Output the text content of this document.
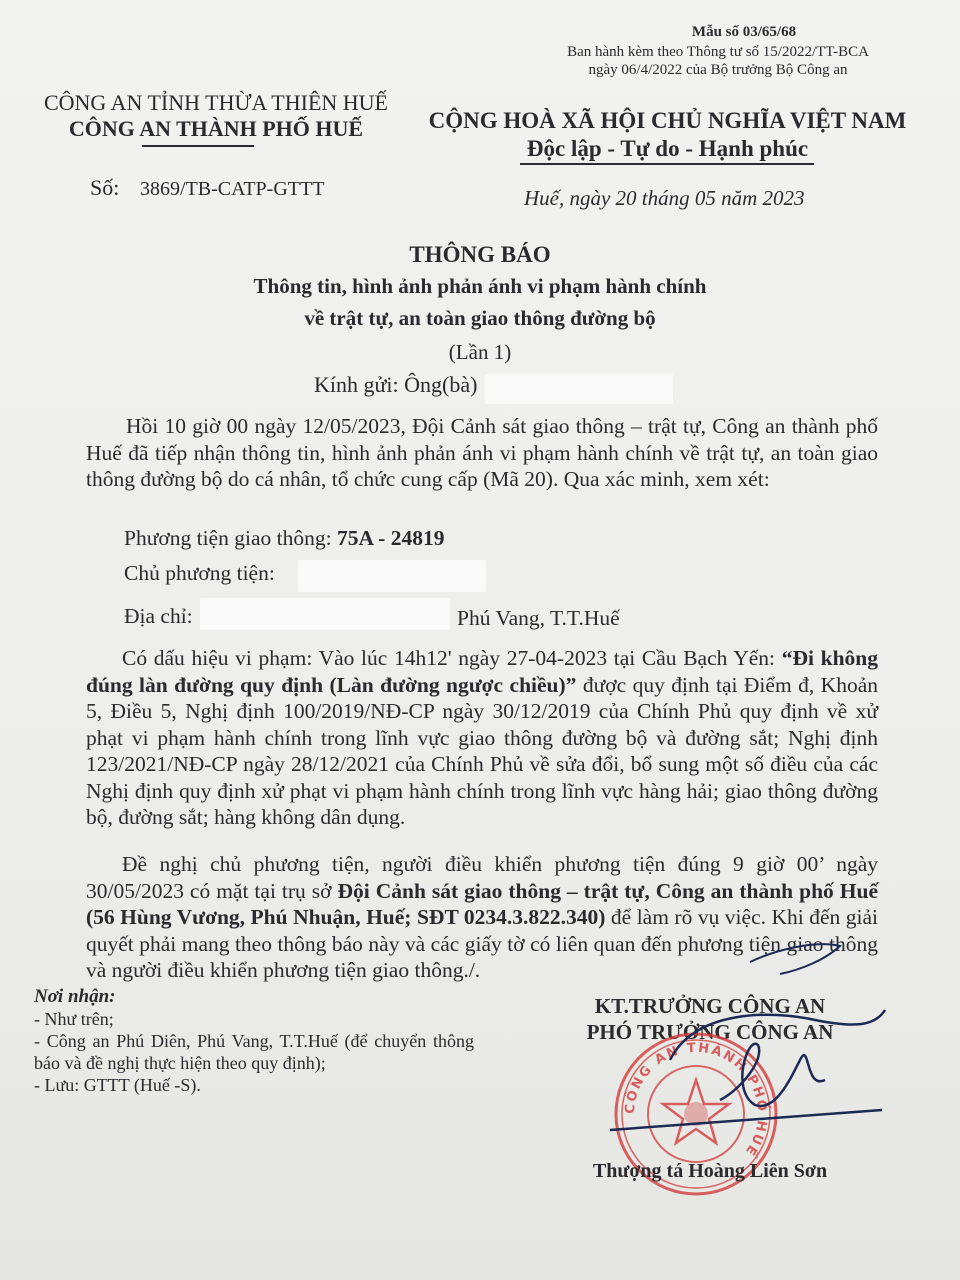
Mẫu số 03/65/68
Ban hành kèm theo Thông tư số 15/2022/TT-BCA
ngày 06/4/2022 của Bộ trưởng Bộ Công an
CÔNG AN TỈNH THỪA THIÊN HUẾ
CÔNG AN THÀNH PHỐ HUẾ	CỘNG HOÀ XÃ HỘI CHỦ NGHĨA VIỆT NAM
Độc lập - Tự do - Hạnh phúc
Số: 3869/TB-CATP-GTTT	Huế, ngày 20 tháng 05 năm 2023
THÔNG BÁO
Thông tin, hình ảnh phản ánh vi phạm hành chính
về trật tự, an toàn giao thông đường bộ
(Lần 1)
Kính gửi: Ông(bà)
Hồi 10 giờ 00 ngày 12/05/2023, Đội Cảnh sát giao thông – trật tự, Công an thành phố Huế đã tiếp nhận thông tin, hình ảnh phản ánh vi phạm hành chính về trật tự, an toàn giao thông đường bộ do cá nhân, tổ chức cung cấp (Mã 20). Qua xác minh, xem xét:
Phương tiện giao thông: 75A - 24819
Chủ phương tiện:
Địa chỉ:	Phú Vang, T.T.Huế
Có dấu hiệu vi phạm: Vào lúc 14h12' ngày 27-04-2023 tại Cầu Bạch Yến: “Đi không đúng làn đường quy định (Làn đường ngược chiều)” được quy định tại Điểm đ, Khoản 5, Điều 5, Nghị định 100/2019/NĐ-CP ngày 30/12/2019 của Chính Phủ quy định về xử phạt vi phạm hành chính trong lĩnh vực giao thông đường bộ và đường sắt; Nghị định 123/2021/NĐ-CP ngày 28/12/2021 của Chính Phủ về sửa đổi, bổ sung một số điều của các Nghị định quy định xử phạt vi phạm hành chính trong lĩnh vực hàng hải; giao thông đường bộ, đường sắt; hàng không dân dụng.
Đề nghị chủ phương tiện, người điều khiển phương tiện đúng 9 giờ 00’ ngày 30/05/2023 có mặt tại trụ sở Đội Cảnh sát giao thông – trật tự, Công an thành phố Huế (56 Hùng Vương, Phú Nhuận, Huế; SĐT 0234.3.822.340) để làm rõ vụ việc. Khi đến giải quyết phải mang theo thông báo này và các giấy tờ có liên quan đến phương tiện giao thông và người điều khiển phương tiện giao thông./.
Nơi nhận:
- Như trên;
- Công an Phú Diên, Phú Vang, T.T.Huế (để chuyển thông báo và đề nghị thực hiện theo quy định);
- Lưu: GTTT (Huế -S).
KT.TRƯỞNG CÔNG AN
PHÓ TRƯỞNG CÔNG AN
CÔNG AN THÀNH PHỐ HUẾ
Thượng tá Hoàng Liên Sơn
